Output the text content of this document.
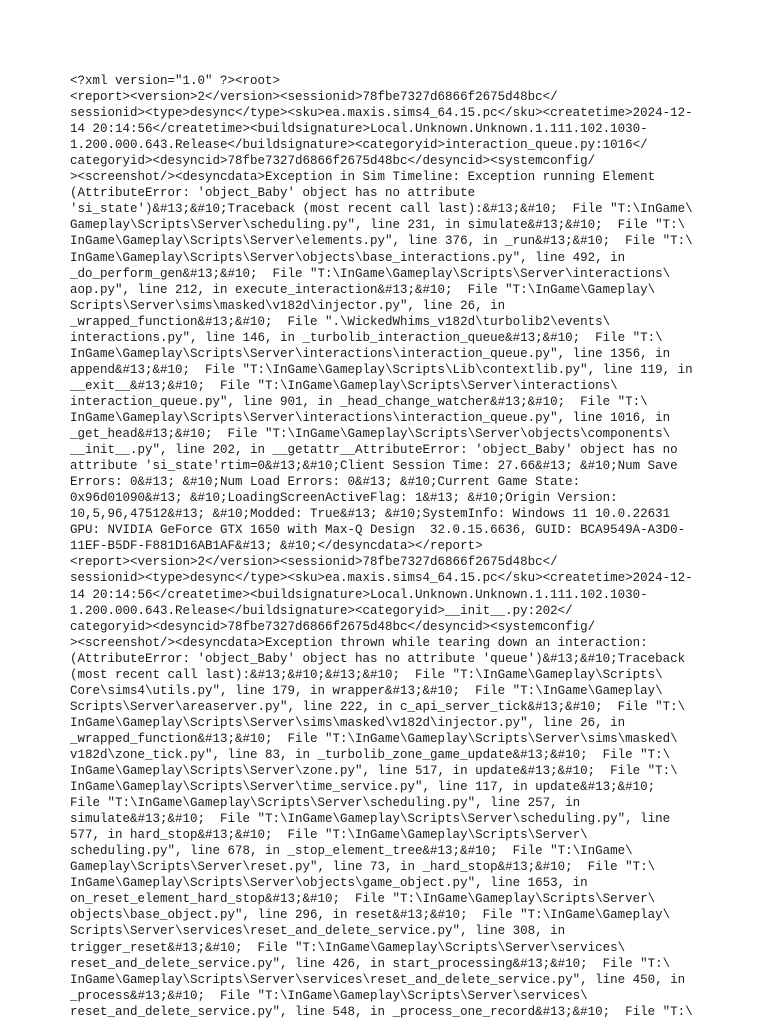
<?xml version="1.0" ?><root>
<report><version>2</version><sessionid>78fbe7327d6866f2675d48bc</
sessionid><type>desync</type><sku>ea.maxis.sims4_64.15.pc</sku><createtime>2024-12-
14 20:14:56</createtime><buildsignature>Local.Unknown.Unknown.1.111.102.1030-
1.200.000.643.Release</buildsignature><categoryid>interaction_queue.py:1016</
categoryid><desyncid>78fbe7327d6866f2675d48bc</desyncid><systemconfig/
><screenshot/><desyncdata>Exception in Sim Timeline: Exception running Element
(AttributeError: 'object_Baby' object has no attribute
'si_state')&#13;&#10;Traceback (most recent call last):&#13;&#10;  File "T:\InGame\
Gameplay\Scripts\Server\scheduling.py", line 231, in simulate&#13;&#10;  File "T:\
InGame\Gameplay\Scripts\Server\elements.py", line 376, in _run&#13;&#10;  File "T:\
InGame\Gameplay\Scripts\Server\objects\base_interactions.py", line 492, in
_do_perform_gen&#13;&#10;  File "T:\InGame\Gameplay\Scripts\Server\interactions\
aop.py", line 212, in execute_interaction&#13;&#10;  File "T:\InGame\Gameplay\
Scripts\Server\sims\masked\v182d\injector.py", line 26, in
_wrapped_function&#13;&#10;  File ".\WickedWhims_v182d\turbolib2\events\
interactions.py", line 146, in _turbolib_interaction_queue&#13;&#10;  File "T:\
InGame\Gameplay\Scripts\Server\interactions\interaction_queue.py", line 1356, in
append&#13;&#10;  File "T:\InGame\Gameplay\Scripts\Lib\contextlib.py", line 119, in
__exit__&#13;&#10;  File "T:\InGame\Gameplay\Scripts\Server\interactions\
interaction_queue.py", line 901, in _head_change_watcher&#13;&#10;  File "T:\
InGame\Gameplay\Scripts\Server\interactions\interaction_queue.py", line 1016, in
_get_head&#13;&#10;  File "T:\InGame\Gameplay\Scripts\Server\objects\components\
__init__.py", line 202, in __getattr__AttributeError: 'object_Baby' object has no
attribute 'si_state'rtim=0&#13;&#10;Client Session Time: 27.66&#13; &#10;Num Save
Errors: 0&#13; &#10;Num Load Errors: 0&#13; &#10;Current Game State:
0x96d01090&#13; &#10;LoadingScreenActiveFlag: 1&#13; &#10;Origin Version:
10,5,96,47512&#13; &#10;Modded: True&#13; &#10;SystemInfo: Windows 11 10.0.22631
GPU: NVIDIA GeForce GTX 1650 with Max-Q Design  32.0.15.6636, GUID: BCA9549A-A3D0-
11EF-B5DF-F881D16AB1AF&#13; &#10;</desyncdata></report>
<report><version>2</version><sessionid>78fbe7327d6866f2675d48bc</
sessionid><type>desync</type><sku>ea.maxis.sims4_64.15.pc</sku><createtime>2024-12-
14 20:14:56</createtime><buildsignature>Local.Unknown.Unknown.1.111.102.1030-
1.200.000.643.Release</buildsignature><categoryid>__init__.py:202</
categoryid><desyncid>78fbe7327d6866f2675d48bc</desyncid><systemconfig/
><screenshot/><desyncdata>Exception thrown while tearing down an interaction:
(AttributeError: 'object_Baby' object has no attribute 'queue')&#13;&#10;Traceback
(most recent call last):&#13;&#10;&#13;&#10;  File "T:\InGame\Gameplay\Scripts\
Core\sims4\utils.py", line 179, in wrapper&#13;&#10;  File "T:\InGame\Gameplay\
Scripts\Server\areaserver.py", line 222, in c_api_server_tick&#13;&#10;  File "T:\
InGame\Gameplay\Scripts\Server\sims\masked\v182d\injector.py", line 26, in
_wrapped_function&#13;&#10;  File "T:\InGame\Gameplay\Scripts\Server\sims\masked\
v182d\zone_tick.py", line 83, in _turbolib_zone_game_update&#13;&#10;  File "T:\
InGame\Gameplay\Scripts\Server\zone.py", line 517, in update&#13;&#10;  File "T:\
InGame\Gameplay\Scripts\Server\time_service.py", line 117, in update&#13;&#10;
File "T:\InGame\Gameplay\Scripts\Server\scheduling.py", line 257, in
simulate&#13;&#10;  File "T:\InGame\Gameplay\Scripts\Server\scheduling.py", line
577, in hard_stop&#13;&#10;  File "T:\InGame\Gameplay\Scripts\Server\
scheduling.py", line 678, in _stop_element_tree&#13;&#10;  File "T:\InGame\
Gameplay\Scripts\Server\reset.py", line 73, in _hard_stop&#13;&#10;  File "T:\
InGame\Gameplay\Scripts\Server\objects\game_object.py", line 1653, in
on_reset_element_hard_stop&#13;&#10;  File "T:\InGame\Gameplay\Scripts\Server\
objects\base_object.py", line 296, in reset&#13;&#10;  File "T:\InGame\Gameplay\
Scripts\Server\services\reset_and_delete_service.py", line 308, in
trigger_reset&#13;&#10;  File "T:\InGame\Gameplay\Scripts\Server\services\
reset_and_delete_service.py", line 426, in start_processing&#13;&#10;  File "T:\
InGame\Gameplay\Scripts\Server\services\reset_and_delete_service.py", line 450, in
_process&#13;&#10;  File "T:\InGame\Gameplay\Scripts\Server\services\
reset_and_delete_service.py", line 548, in _process_one_record&#13;&#10;  File "T:\
